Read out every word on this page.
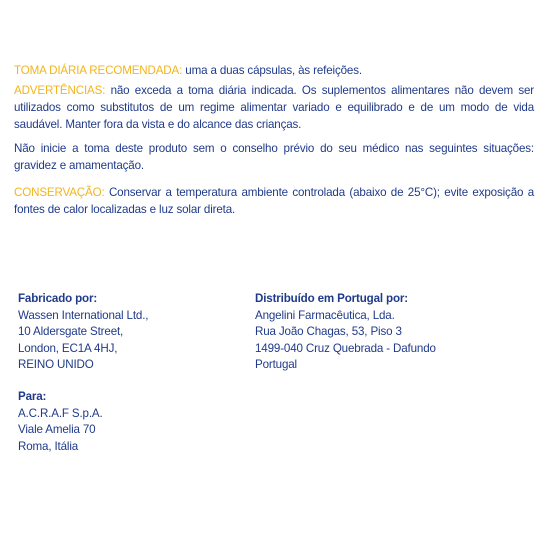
TOMA DIÁRIA RECOMENDADA: uma a duas cápsulas, às refeições.

ADVERTÊNCIAS: não exceda a toma diária indicada. Os suplementos alimentares não devem ser utilizados como substitutos de um regime alimentar variado e equilibrado e de um modo de vida saudável. Manter fora da vista e do alcance das crianças.

Não inicie a toma deste produto sem o conselho prévio do seu médico nas seguintes situações: gravidez e amamentação.

CONSERVAÇÃO: Conservar a temperatura ambiente controlada (abaixo de 25°C); evite exposição a fontes de calor localizadas e luz solar direta.

Fabricado por:
Wassen International Ltd.,
10 Aldersgate Street,
London, EC1A 4HJ,
REINO UNIDO
Distribuído em Portugal por:
Angelini Farmacêutica, Lda.
Rua João Chagas, 53, Piso 3
1499-040 Cruz Quebrada - Dafundo
Portugal
Para:
A.C.R.A.F S.p.A.
Viale Amelia 70
Roma, Itália
